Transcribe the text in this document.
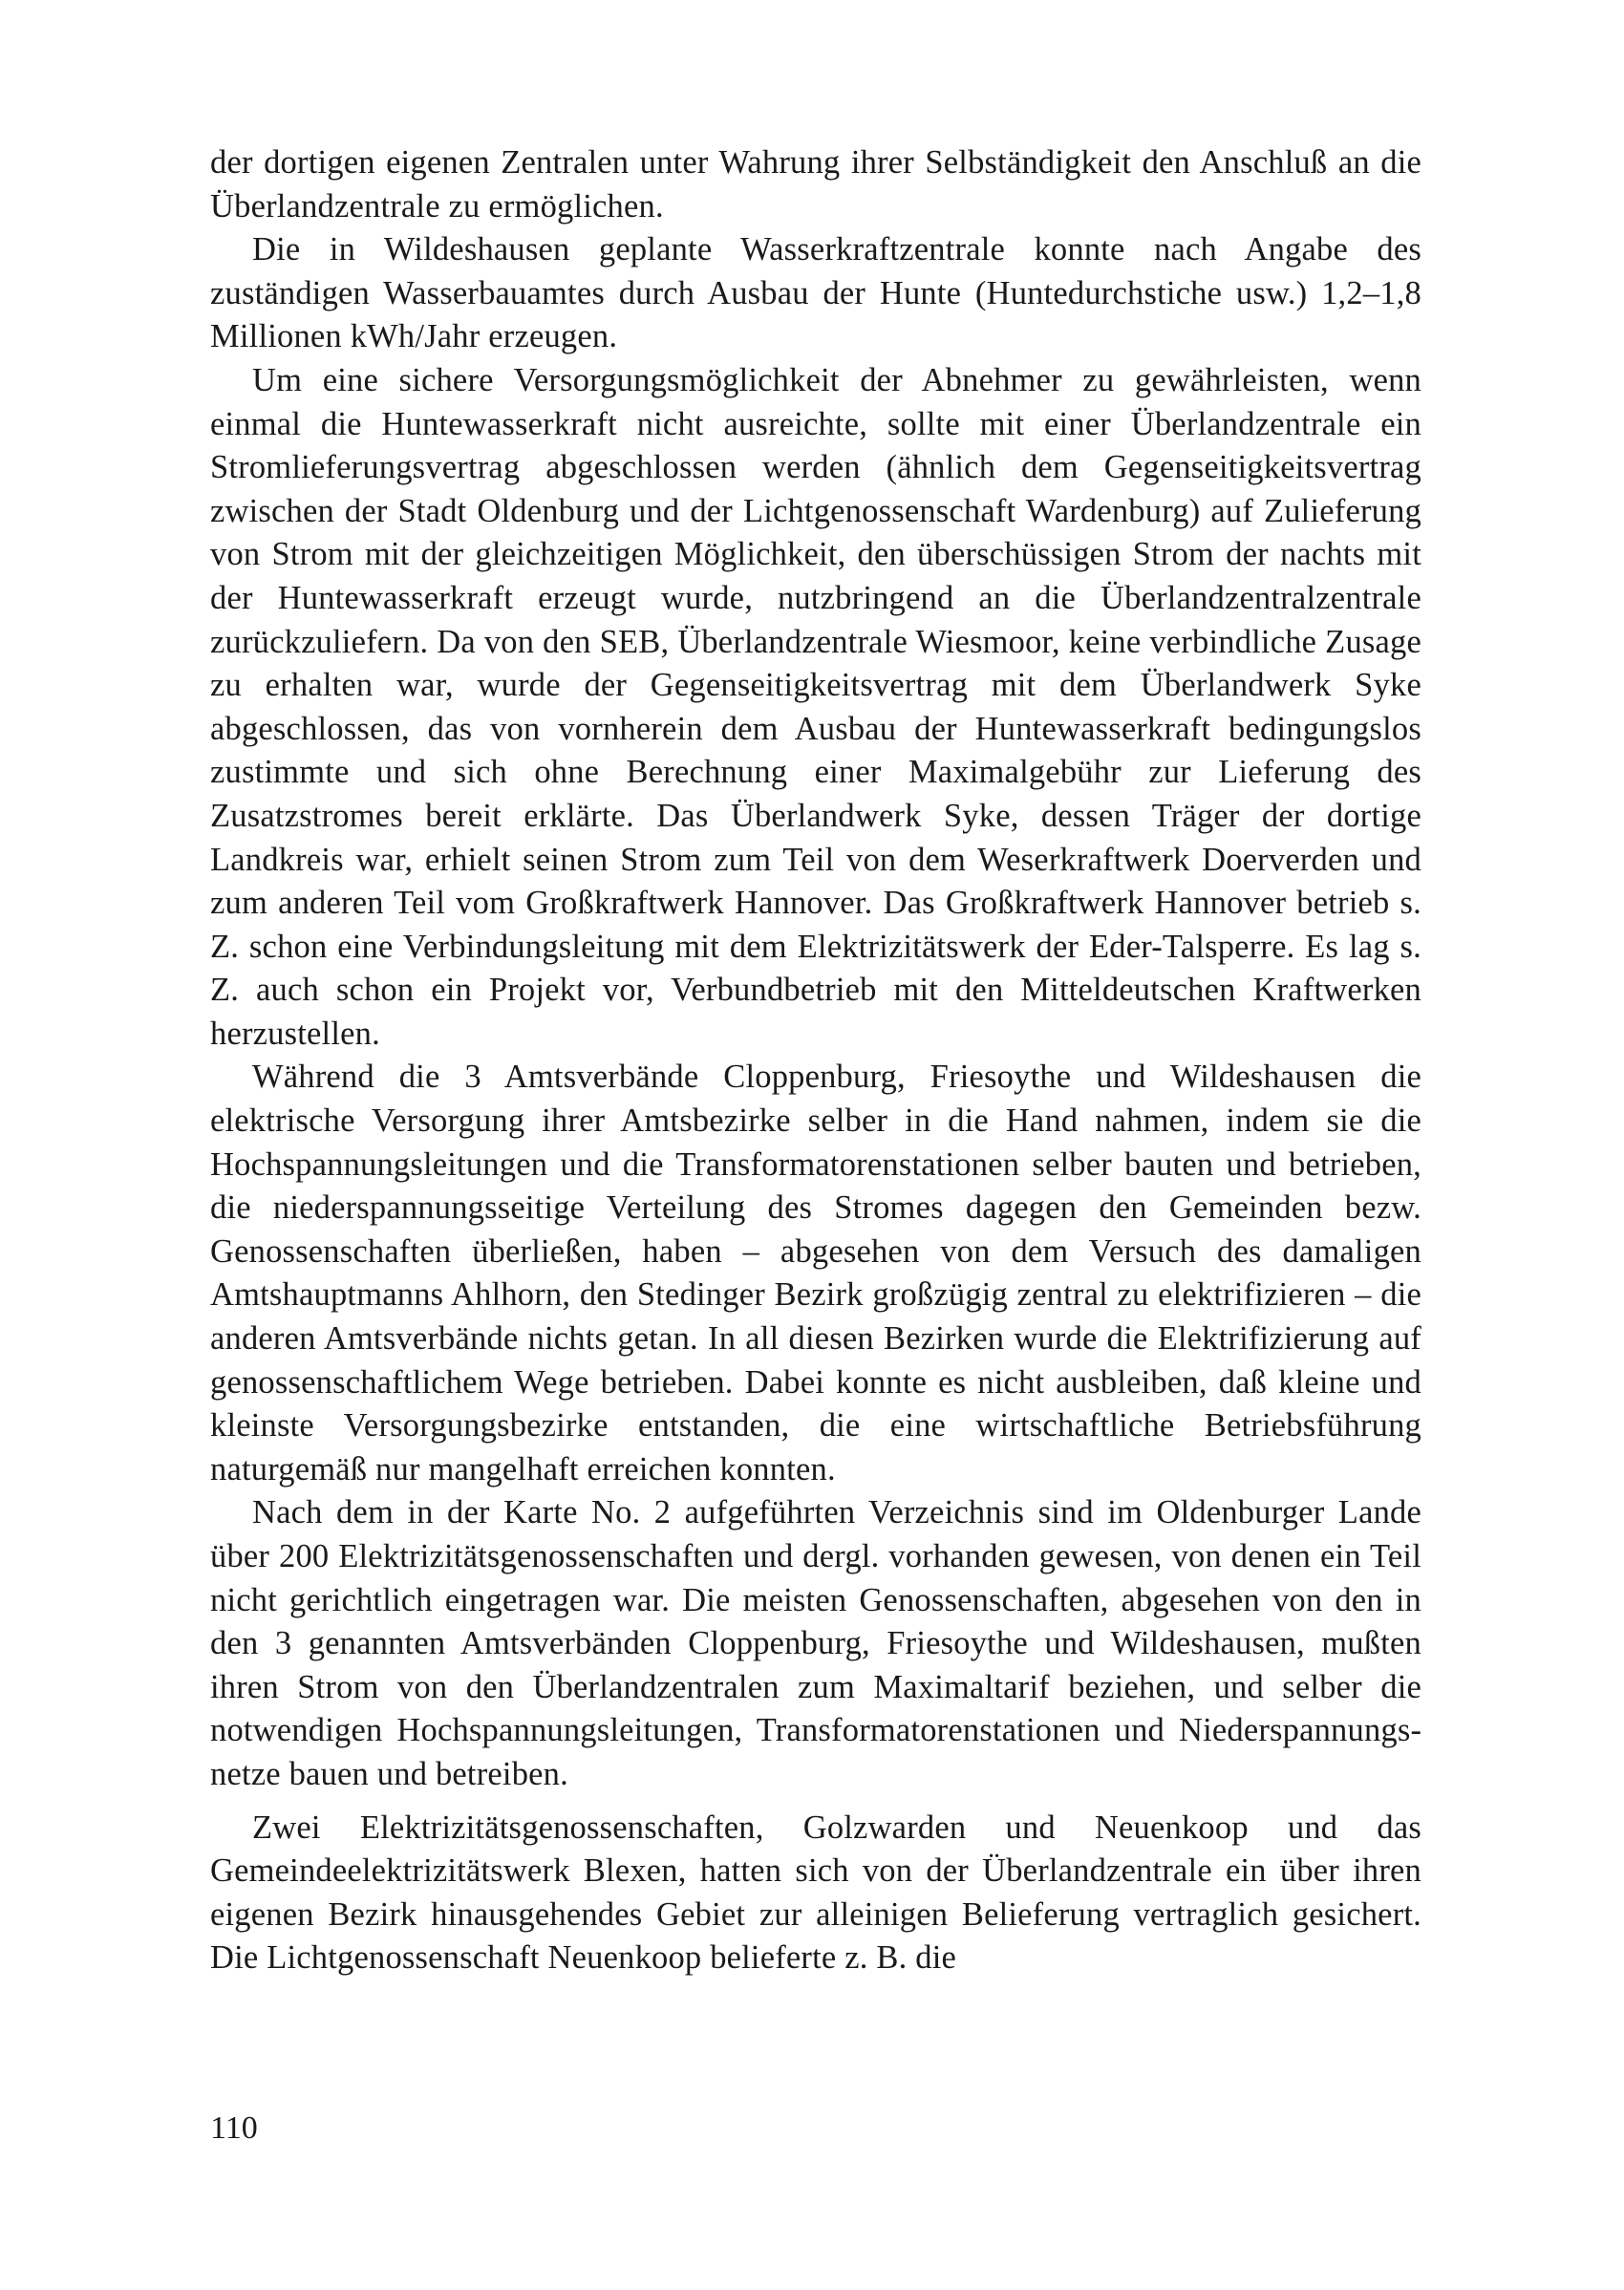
der dortigen eigenen Zentralen unter Wahrung ihrer Selbständigkeit den Anschluß an die Überlandzentrale zu ermöglichen.

Die in Wildeshausen geplante Wasserkraftzentrale konnte nach Angabe des zuständigen Wasserbauamtes durch Ausbau der Hunte (Huntedurchstiche usw.) 1,2–1,8 Millionen kWh/Jahr erzeugen.

Um eine sichere Versorgungsmöglichkeit der Abnehmer zu gewährleisten, wenn einmal die Huntewasserkraft nicht ausreichte, sollte mit einer Überlandzentrale ein Stromlieferungsvertrag abgeschlossen werden (ähnlich dem Gegenseitigkeitsvertrag zwischen der Stadt Oldenburg und der Lichtgenossenschaft Wardenburg) auf Zulieferung von Strom mit der gleichzeitigen Möglichkeit, den überschüssigen Strom der nachts mit der Huntewasserkraft erzeugt wurde, nutzbringend an die Überlandzentralzentrale zurückzuliefern. Da von den SEB, Überlandzentrale Wiesmoor, keine verbindliche Zusage zu erhalten war, wurde der Gegenseitigkeitsvertrag mit dem Überlandwerk Syke abgeschlossen, das von vornherein dem Ausbau der Huntewasserkraft bedingungslos zustimmte und sich ohne Berechnung einer Maximalgebühr zur Lieferung des Zusatzstromes bereit erklärte. Das Überlandwerk Syke, dessen Träger der dortige Landkreis war, erhielt seinen Strom zum Teil von dem Weserkraftwerk Doerverden und zum anderen Teil vom Großkraftwerk Hannover. Das Großkraftwerk Hannover betrieb s. Z. schon eine Verbindungsleitung mit dem Elektrizitätswerk der Eder-Talsperre. Es lag s. Z. auch schon ein Projekt vor, Verbundbetrieb mit den Mitteldeutschen Kraftwerken herzustellen.

Während die 3 Amtsverbände Cloppenburg, Friesoythe und Wildeshausen die elektrische Versorgung ihrer Amtsbezirke selber in die Hand nahmen, indem sie die Hochspannungsleitungen und die Transformatorenstationen selber bauten und betrieben, die niederspannungsseitige Verteilung des Stromes dagegen den Gemeinden bezw. Genossenschaften überließen, haben – abgesehen von dem Versuch des damaligen Amtshauptmanns Ahlhorn, den Stedinger Bezirk großzügig zentral zu elektrifizieren – die anderen Amtsverbände nichts getan. In all diesen Bezirken wurde die Elektrifizierung auf genossenschaftlichem Wege betrieben. Dabei konnte es nicht ausbleiben, daß kleine und kleinste Versorgungsbezirke entstanden, die eine wirtschaftliche Betriebsführung naturgemäß nur mangelhaft erreichen konnten.

Nach dem in der Karte No. 2 aufgeführten Verzeichnis sind im Oldenburger Lande über 200 Elektrizitätsgenossenschaften und dergl. vorhanden gewesen, von denen ein Teil nicht gerichtlich eingetragen war. Die meisten Genossenschaften, abgesehen von den in den 3 genannten Amtsverbänden Cloppenburg, Friesoythe und Wildeshausen, mußten ihren Strom von den Überlandzentralen zum Maximaltarif beziehen, und selber die notwendigen Hochspannungsleitungen, Transformatorenstationen und Niederspannungsnetze bauen und betreiben.

Zwei Elektrizitätsgenossenschaften, Golzwarden und Neuenkoop und das Gemeindeelektrizitätswerk Blexen, hatten sich von der Überlandzentrale ein über ihren eigenen Bezirk hinausgehendes Gebiet zur alleinigen Belieferung vertraglich gesichert. Die Lichtgenossenschaft Neuenkoop belieferte z. B. die

110
